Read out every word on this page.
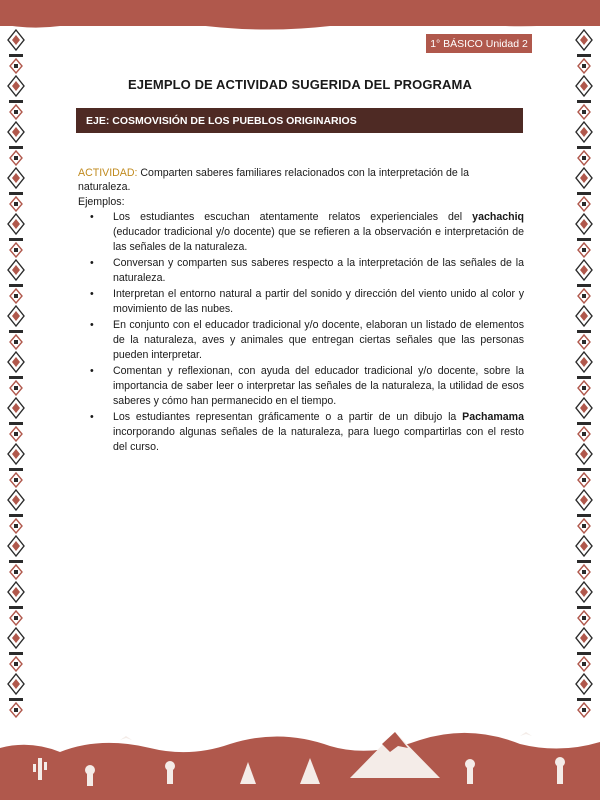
1° BÁSICO Unidad 2
EJEMPLO DE ACTIVIDAD SUGERIDA DEL PROGRAMA
EJE: COSMOVISIÓN DE LOS PUEBLOS ORIGINARIOS
ACTIVIDAD: Comparten saberes familiares relacionados con la interpretación de la naturaleza.
Ejemplos:
• Los estudiantes escuchan atentamente relatos experienciales del yachachiq (educador tradicional y/o docente) que se refieren a la observación e interpretación de las señales de la naturaleza.
• Conversan y comparten sus saberes respecto a la interpretación de las señales de la naturaleza.
• Interpretan el entorno natural a partir del sonido y dirección del viento unido al color y movimiento de las nubes.
• En conjunto con el educador tradicional y/o docente, elaboran un listado de elementos de la naturaleza, aves y animales que entregan ciertas señales que las personas pueden interpretar.
• Comentan y reflexionan, con ayuda del educador tradicional y/o docente, sobre la importancia de saber leer o interpretar las señales de la naturaleza, la utilidad de esos saberes y cómo han permanecido en el tiempo.
• Los estudiantes representan gráficamente o a partir de un dibujo la Pachamama incorporando algunas señales de la naturaleza, para luego compartirlas con el resto del curso.
